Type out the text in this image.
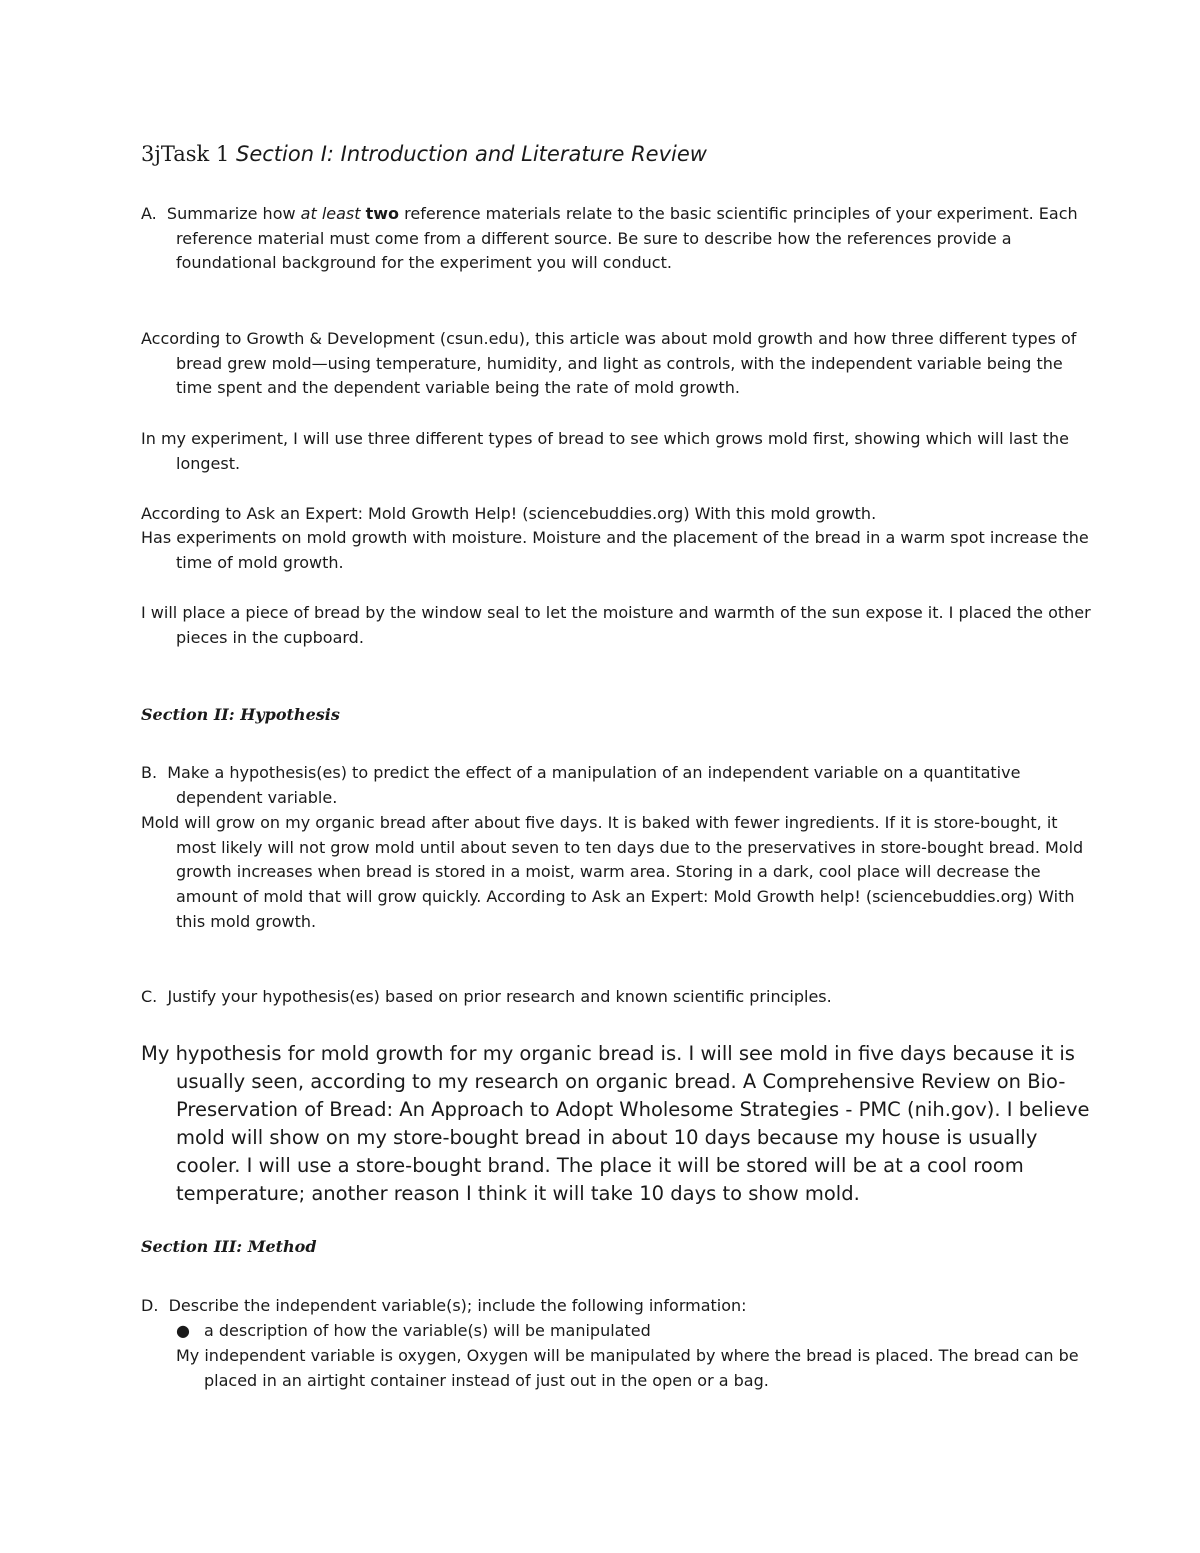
3jTask 1 Section I: Introduction and Literature Review
A. Summarize how at least two reference materials relate to the basic scientific principles of your experiment. Each reference material must come from a different source. Be sure to describe how the references provide a foundational background for the experiment you will conduct.
According to Growth & Development (csun.edu), this article was about mold growth and how three different types of bread grew mold—using temperature, humidity, and light as controls, with the independent variable being the time spent and the dependent variable being the rate of mold growth.
In my experiment, I will use three different types of bread to see which grows mold first, showing which will last the longest.
According to Ask an Expert: Mold Growth Help! (sciencebuddies.org) With this mold growth.
Has experiments on mold growth with moisture. Moisture and the placement of the bread in a warm spot increase the time of mold growth.
I will place a piece of bread by the window seal to let the moisture and warmth of the sun expose it. I placed the other pieces in the cupboard.
Section II: Hypothesis
B. Make a hypothesis(es) to predict the effect of a manipulation of an independent variable on a quantitative dependent variable.
Mold will grow on my organic bread after about five days. It is baked with fewer ingredients. If it is store-bought, it most likely will not grow mold until about seven to ten days due to the preservatives in store-bought bread. Mold growth increases when bread is stored in a moist, warm area. Storing in a dark, cool place will decrease the amount of mold that will grow quickly. According to Ask an Expert: Mold Growth help! (sciencebuddies.org) With this mold growth.
C. Justify your hypothesis(es) based on prior research and known scientific principles.
My hypothesis for mold growth for my organic bread is. I will see mold in five days because it is usually seen, according to my research on organic bread. A Comprehensive Review on Bio-Preservation of Bread: An Approach to Adopt Wholesome Strategies - PMC (nih.gov). I believe mold will show on my store-bought bread in about 10 days because my house is usually cooler. I will use a store-bought brand. The place it will be stored will be at a cool room temperature; another reason I think it will take 10 days to show mold.
Section III: Method
D. Describe the independent variable(s); include the following information:
● a description of how the variable(s) will be manipulated
My independent variable is oxygen, Oxygen will be manipulated by where the bread is placed. The bread can be placed in an airtight container instead of just out in the open or a bag.
